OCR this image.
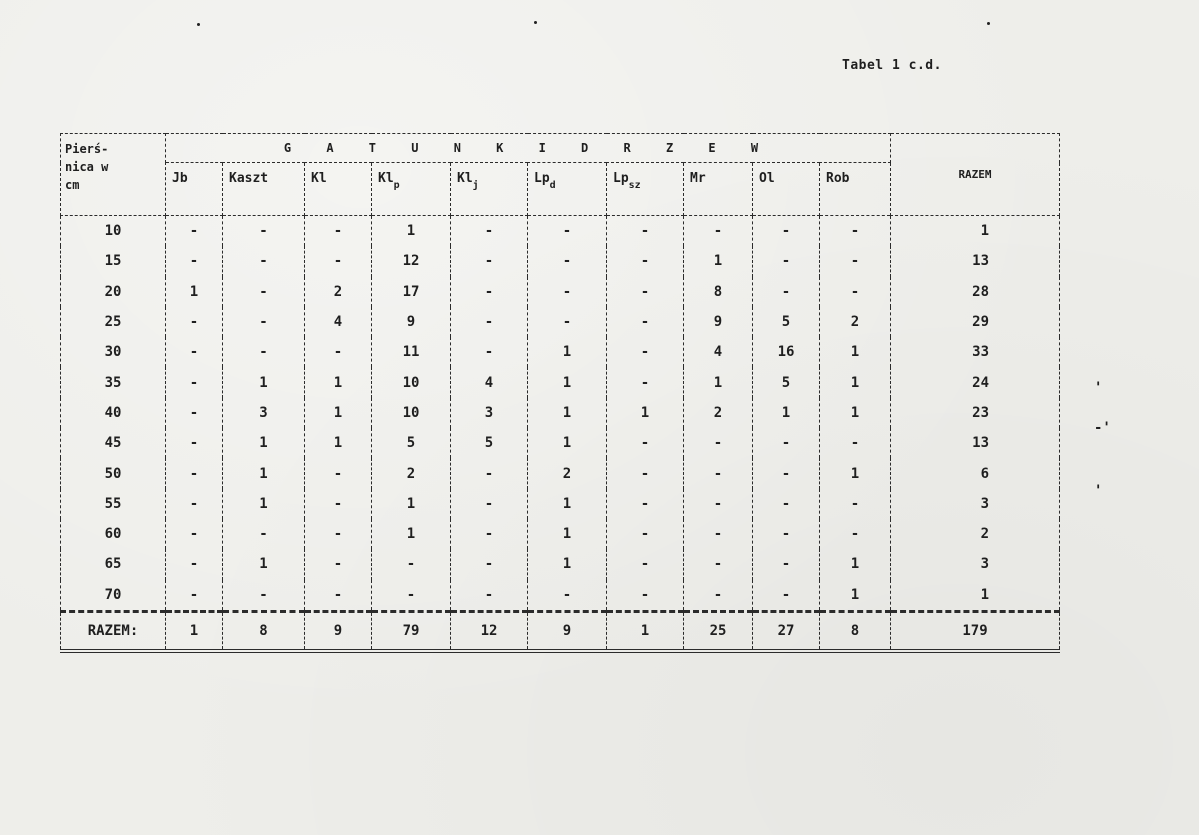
Tabel 1 c.d.
Pierś-
nica w
cm	G A T U N K I D R Z E W										RAZEM
	Jb	Kaszt	Kl	$Kl_p$	$Kl_j$	$Lp_d$	$Lp_{sz}$	Mr	Ol	Rob	
10	-	-	-	1	-	-	-	-	-	-	1
15	-	-	-	12	-	-	-	1	-	-	13
20	1	-	2	17	-	-	-	8	-	-	28
25	-	-	4	9	-	-	-	9	5	2	29
30	-	-	-	11	-	1	-	4	16	1	33
35	-	1	1	10	4	1	-	1	5	1	24
40	-	3	1	10	3	1	1	2	1	1	23
45	-	1	1	5	5	1	-	-	-	-	13
50	-	1	-	2	-	2	-	-	-	1	6
55	-	1	-	1	-	1	-	-	-	-	3
60	-	-	-	1	-	1	-	-	-	-	2
65	-	1	-	-	-	1	-	-	-	1	3
70	-	-	-	-	-	-	-	-	-	1	1
RAZEM:	1	8	9	79	12	9	1	25	27	8	179
'
-'
'
